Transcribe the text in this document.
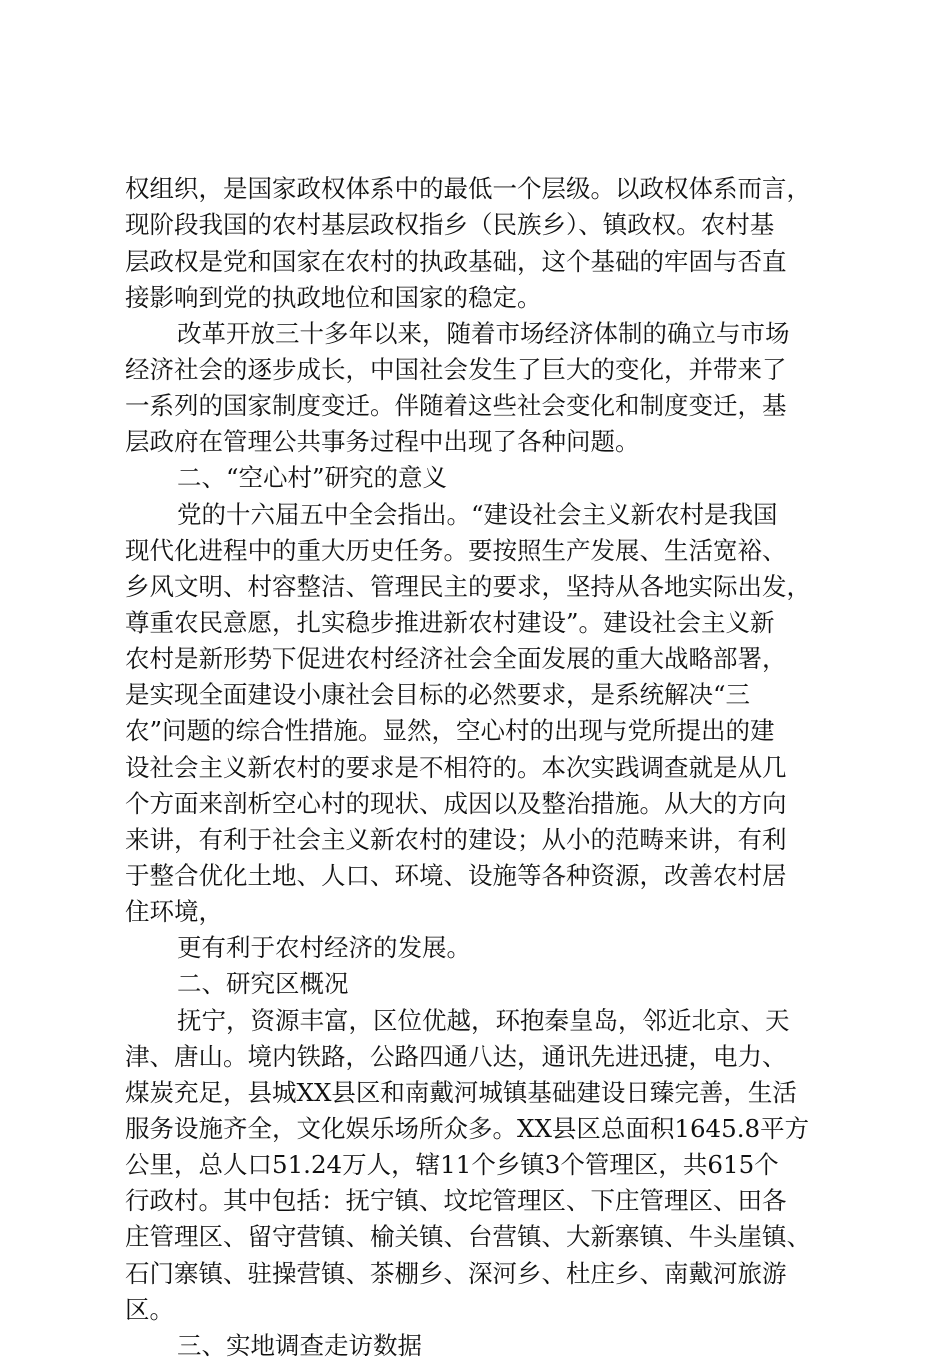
权组织，是国家政权体系中的最低一个层级。以政权体系而言，
现阶段我国的农村基层政权指乡（民族乡）、镇政权。农村基
层政权是党和国家在农村的执政基础，这个基础的牢固与否直
接影响到党的执政地位和国家的稳定。
改革开放三十多年以来，随着市场经济体制的确立与市场
经济社会的逐步成长，中国社会发生了巨大的变化，并带来了
一系列的国家制度变迁。伴随着这些社会变化和制度变迁，基
层政府在管理公共事务过程中出现了各种问题。
二、“空心村”研究的意义
党的十六届五中全会指出。“建设社会主义新农村是我国
现代化进程中的重大历史任务。要按照生产发展、生活宽裕、
乡风文明、村容整洁、管理民主的要求，坚持从各地实际出发，
尊重农民意愿，扎实稳步推进新农村建设”。建设社会主义新
农村是新形势下促进农村经济社会全面发展的重大战略部署，
是实现全面建设小康社会目标的必然要求，是系统解决“三
农”问题的综合性措施。显然，空心村的出现与党所提出的建
设社会主义新农村的要求是不相符的。本次实践调查就是从几
个方面来剖析空心村的现状、成因以及整治措施。从大的方向
来讲，有利于社会主义新农村的建设；从小的范畴来讲，有利
于整合优化土地、人口、环境、设施等各种资源，改善农村居
住环境，
更有利于农村经济的发展。
二、研究区概况
抚宁，资源丰富，区位优越，环抱秦皇岛，邻近北京、天
津、唐山。境内铁路，公路四通八达，通讯先进迅捷，电力、
煤炭充足，县城XX县区和南戴河城镇基础建设日臻完善，生活
服务设施齐全，文化娱乐场所众多。XX县区总面积1645.8平方
公里，总人口51.24万人，辖11个乡镇3个管理区，共615个
行政村。其中包括：抚宁镇、坟坨管理区、下庄管理区、田各
庄管理区、留守营镇、榆关镇、台营镇、大新寨镇、牛头崖镇、
石门寨镇、驻操营镇、茶棚乡、深河乡、杜庄乡、南戴河旅游
区。
三、实地调查走访数据
